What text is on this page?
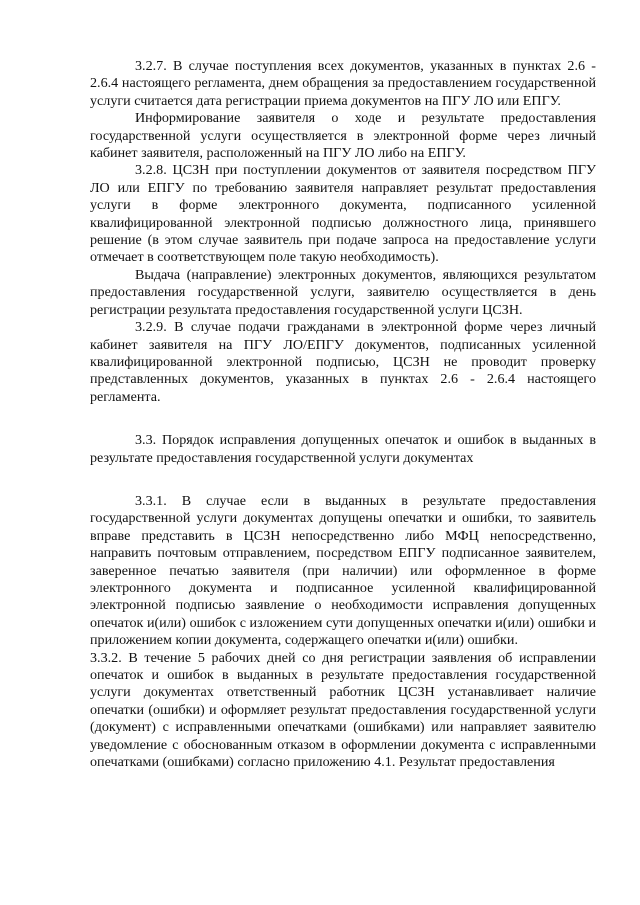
3.2.7. В случае поступления всех документов, указанных в пунктах 2.6 - 2.6.4 настоящего регламента, днем обращения за предоставлением государственной услуги считается дата регистрации приема документов на ПГУ ЛО или ЕПГУ.

Информирование заявителя о ходе и результате предоставления государственной услуги осуществляется в электронной форме через личный кабинет заявителя, расположенный на ПГУ ЛО либо на ЕПГУ.

3.2.8. ЦСЗН при поступлении документов от заявителя посредством ПГУ ЛО или ЕПГУ по требованию заявителя направляет результат предоставления услуги в форме электронного документа, подписанного усиленной квалифицированной электронной подписью должностного лица, принявшего решение (в этом случае заявитель при подаче запроса на предоставление услуги отмечает в соответствующем поле такую необходимость).

Выдача (направление) электронных документов, являющихся результатом предоставления государственной услуги, заявителю осуществляется в день регистрации результата предоставления государственной услуги ЦСЗН.

3.2.9. В случае подачи гражданами в электронной форме через личный кабинет заявителя на ПГУ ЛО/ЕПГУ документов, подписанных усиленной квалифицированной электронной подписью, ЦСЗН не проводит проверку представленных документов, указанных в пунктах 2.6 - 2.6.4 настоящего регламента.

3.3. Порядок исправления допущенных опечаток и ошибок в выданных в результате предоставления государственной услуги документах

3.3.1. В случае если в выданных в результате предоставления государственной услуги документах допущены опечатки и ошибки, то заявитель вправе представить в ЦСЗН непосредственно либо МФЦ непосредственно, направить почтовым отправлением, посредством ЕПГУ подписанное заявителем, заверенное печатью заявителя (при наличии) или оформленное в форме электронного документа и подписанное усиленной квалифицированной электронной подписью заявление о необходимости исправления допущенных опечаток и(или) ошибок с изложением сути допущенных опечатки и(или) ошибки и приложением копии документа, содержащего опечатки и(или) ошибки.

3.3.2. В течение 5 рабочих дней со дня регистрации заявления об исправлении опечаток и ошибок в выданных в результате предоставления государственной услуги документах ответственный работник ЦСЗН устанавливает наличие опечатки (ошибки) и оформляет результат предоставления государственной услуги (документ) с исправленными опечатками (ошибками) или направляет заявителю уведомление с обоснованным отказом в оформлении документа с исправленными опечатками (ошибками) согласно приложению 4.1. Результат предоставления
